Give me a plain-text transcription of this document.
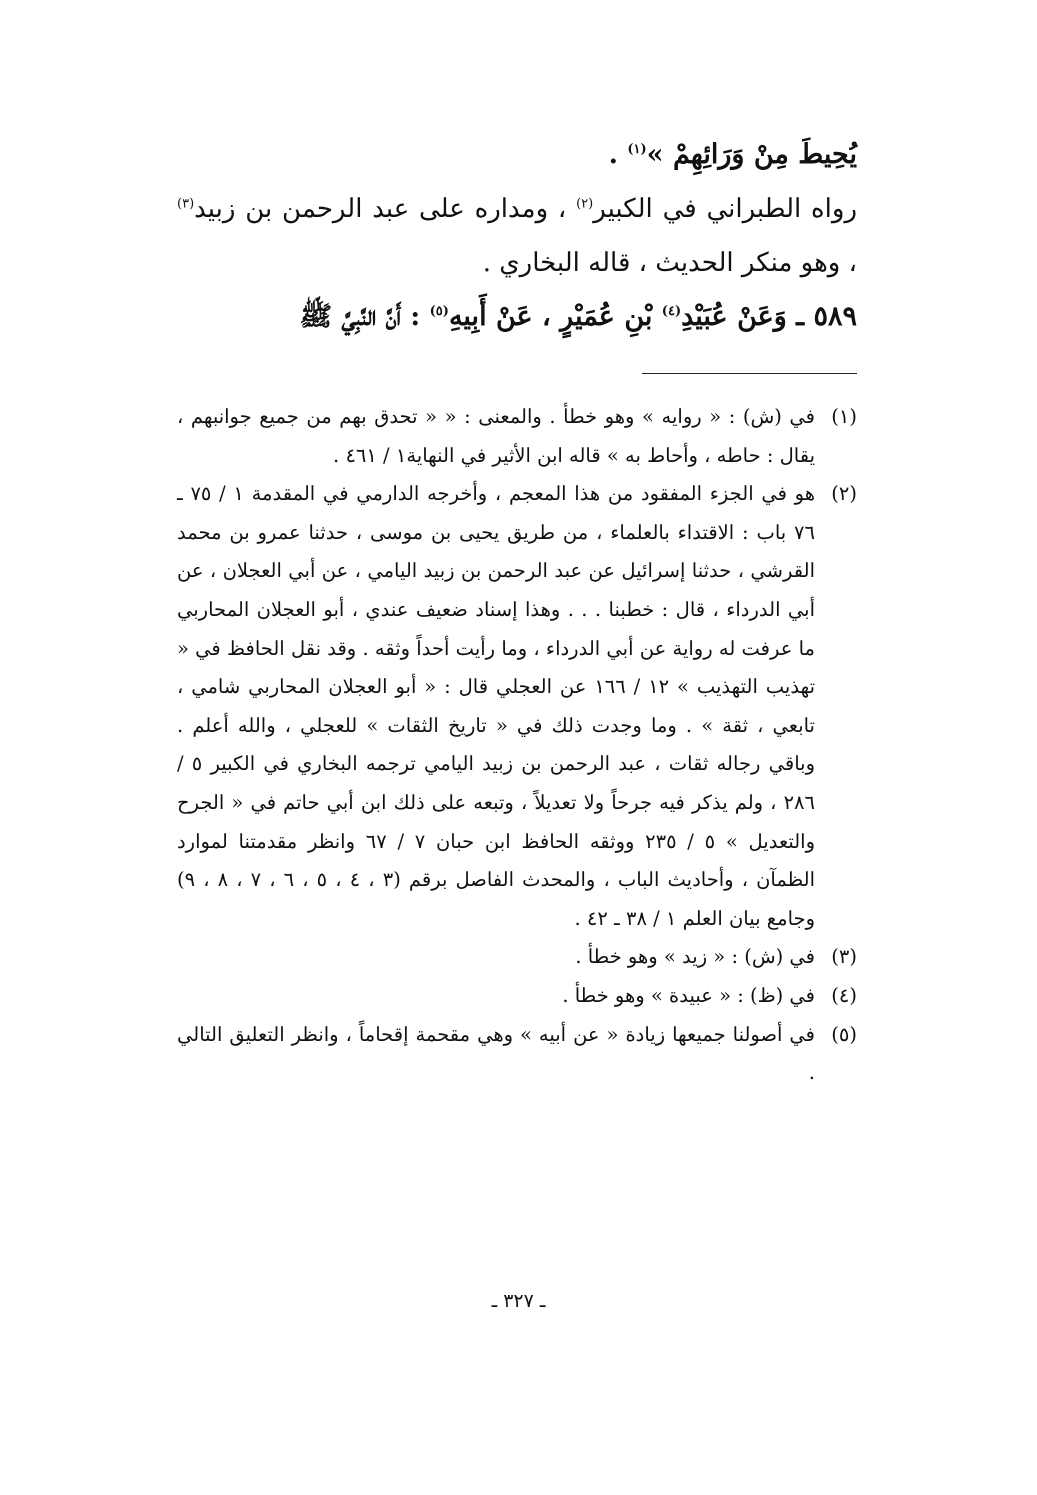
يُحِيطَ مِنْ وَرَائِهِمْ »$^{(١)}$ .

رواه الطبراني في الكبير$^{(٢)}$ ، ومداره على عبد الرحمن بن زبيد$^{(٣)}$ ، وهو منكر الحديث ، قاله البخاري .

٥٨٩ ـ وَعَنْ عُبَيْدِ$^{(٤)}$ بْنِ عُمَيْرٍ ، عَنْ أَبِيهِ$^{(٥)}$ : أَنَّ النَّبِيَّ ﷺ

(١)
في (ش) : « روايه » وهو خطأ . والمعنى : « « تحدق بهم من جميع جوانبهم ، يقال : حاطه ، وأحاط به » قاله ابن الأثير في النهاية١ / ٤٦١ .
(٢)
هو في الجزء المفقود من هذا المعجم ، وأخرجه الدارمي في المقدمة ١ / ٧٥ ـ ٧٦ باب : الاقتداء بالعلماء ، من طريق يحيى بن موسى ، حدثنا عمرو بن محمد القرشي ، حدثنا إسرائيل عن عبد الرحمن بن زبيد اليامي ، عن أبي العجلان ، عن أبي الدرداء ، قال : خطبنا . . . وهذا إسناد ضعيف عندي ، أبو العجلان المحاربي ما عرفت له رواية عن أبي الدرداء ، وما رأيت أحداً وثقه . وقد نقل الحافظ في « تهذيب التهذيب » ١٢ / ١٦٦ عن العجلي قال : « أبو العجلان المحاربي شامي ، تابعي ، ثقة » . وما وجدت ذلك في « تاريخ الثقات » للعجلي ، والله أعلم . وباقي رجاله ثقات ، عبد الرحمن بن زبيد اليامي ترجمه البخاري في الكبير ٥ / ٢٨٦ ، ولم يذكر فيه جرحاً ولا تعديلاً ، وتبعه على ذلك ابن أبي حاتم في « الجرح والتعديل » ٥ / ٢٣٥ ووثقه الحافظ ابن حبان ٧ / ٦٧ وانظر مقدمتنا لموارد الظمآن ، وأحاديث الباب ، والمحدث الفاصل برقم (٣ ، ٤ ، ٥ ، ٦ ، ٧ ، ٨ ، ٩) وجامع بيان العلم ١ / ٣٨ ـ ٤٢ .
(٣)
في (ش) : « زيد » وهو خطأ .
(٤)
في (ظ) : « عبيدة » وهو خطأ .
(٥)
في أصولنا جميعها زيادة « عن أبيه » وهي مقحمة إقحاماً ، وانظر التعليق التالي .
ـ ٣٢٧ ـ
